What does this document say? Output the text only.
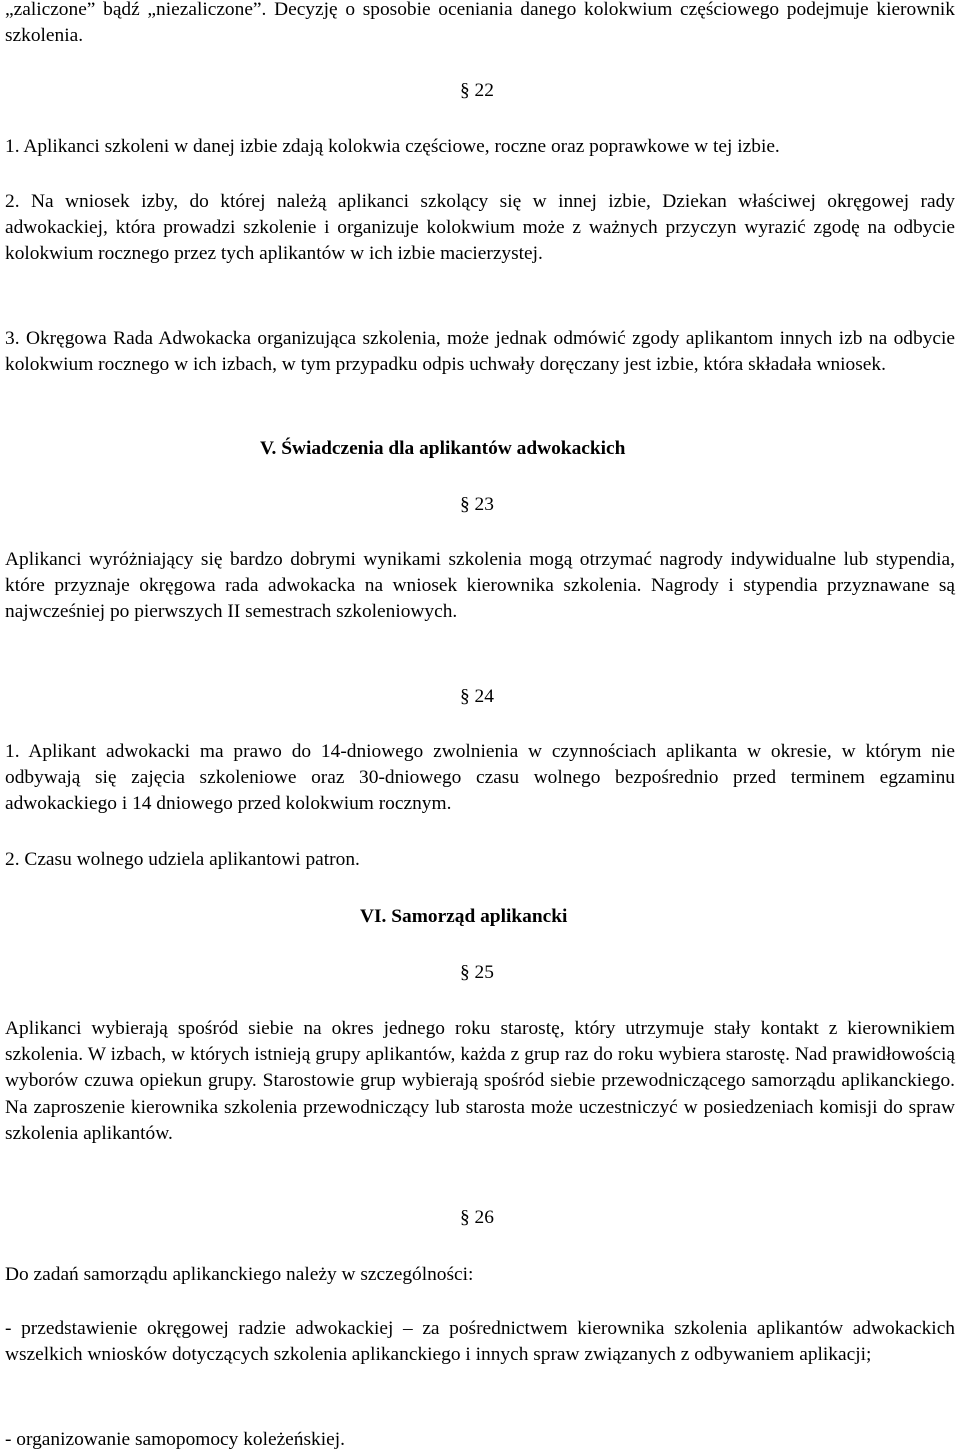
„zaliczone” bądź „niezaliczone”. Decyzję o sposobie oceniania danego kolokwium częściowego podejmuje kierownik szkolenia.

§ 22

1. Aplikanci szkoleni w danej izbie zdają kolokwia częściowe, roczne oraz poprawkowe w tej izbie.

2. Na wniosek izby, do której należą aplikanci szkolący się w innej izbie, Dziekan właściwej okręgowej rady adwokackiej, która prowadzi szkolenie i organizuje kolokwium może z ważnych przyczyn wyrazić zgodę na odbycie kolokwium rocznego przez tych aplikantów w ich izbie macierzystej.

3. Okręgowa Rada Adwokacka organizująca szkolenia, może jednak odmówić zgody aplikantom innych izb na odbycie kolokwium rocznego w ich izbach, w tym przypadku odpis uchwały doręczany jest izbie, która składała wniosek.

V. Świadczenia dla aplikantów adwokackich

§ 23

Aplikanci wyróżniający się bardzo dobrymi wynikami szkolenia mogą otrzymać nagrody indywidualne lub stypendia, które przyznaje okręgowa rada adwokacka na wniosek kierownika szkolenia. Nagrody i stypendia przyznawane są najwcześniej po pierwszych II semestrach szkoleniowych.

§ 24

1. Aplikant adwokacki ma prawo do 14-dniowego zwolnienia w czynnościach aplikanta w okresie, w którym nie odbywają się zajęcia szkoleniowe oraz 30-dniowego czasu wolnego bezpośrednio przed terminem egzaminu adwokackiego i 14 dniowego przed kolokwium rocznym.

2. Czasu wolnego udziela aplikantowi patron.

VI. Samorząd aplikancki

§ 25

Aplikanci wybierają spośród siebie na okres jednego roku starostę, który utrzymuje stały kontakt z kierownikiem szkolenia. W izbach, w których istnieją grupy aplikantów, każda z grup raz do roku wybiera starostę. Nad prawidłowością wyborów czuwa opiekun grupy. Starostowie grup wybierają spośród siebie przewodniczącego samorządu aplikanckiego. Na zaproszenie kierownika szkolenia przewodniczący lub starosta może uczestniczyć w posiedzeniach komisji do spraw szkolenia aplikantów.

§ 26

Do zadań samorządu aplikanckiego należy w szczególności:

- przedstawienie okręgowej radzie adwokackiej – za pośrednictwem kierownika szkolenia aplikantów adwokackich wszelkich wniosków dotyczących szkolenia aplikanckiego i innych spraw związanych z odbywaniem aplikacji;

- organizowanie samopomocy koleżeńskiej.
